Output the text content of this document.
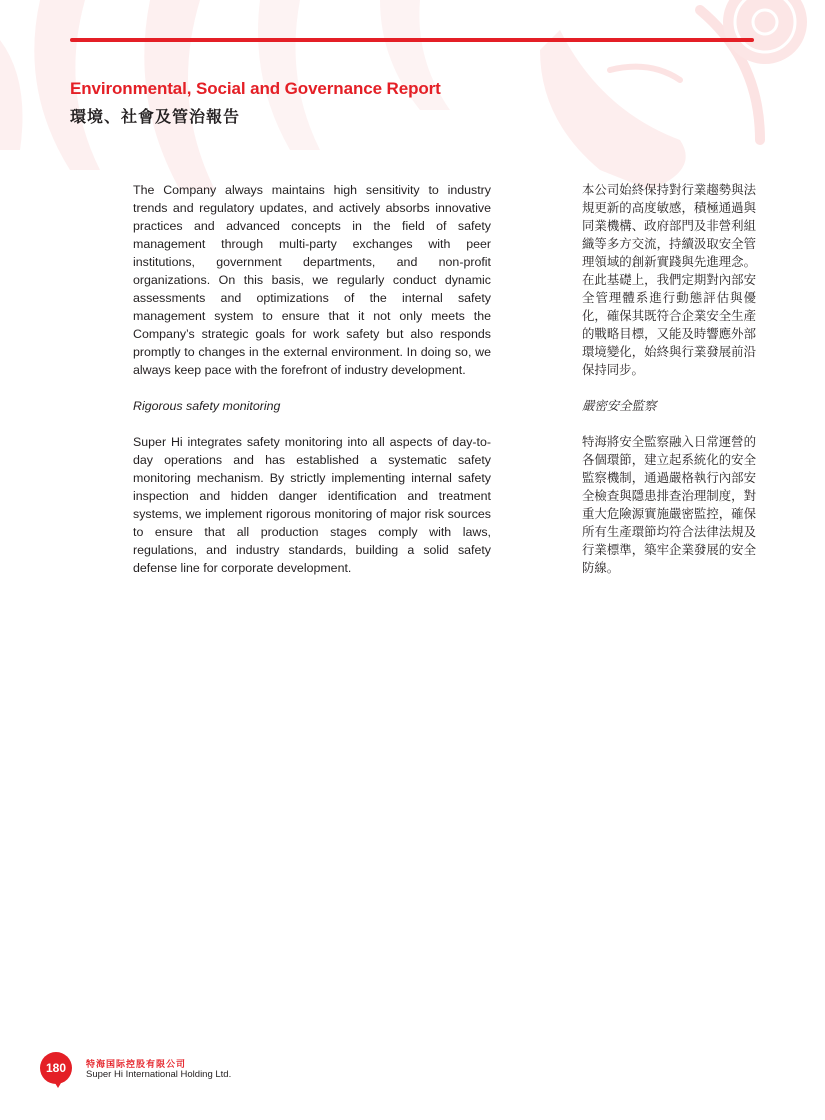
Environmental, Social and Governance Report
環境、社會及管治報告

The Company always maintains high sensitivity to industry trends and regulatory updates, and actively absorbs innovative practices and advanced concepts in the field of safety management through multi-party exchanges with peer institutions, government departments, and non-profit organizations. On this basis, we regularly conduct dynamic assessments and optimizations of the internal safety management system to ensure that it not only meets the Company’s strategic goals for work safety but also responds promptly to changes in the external environment. In doing so, we always keep pace with the forefront of industry development.

Rigorous safety monitoring

Super Hi integrates safety monitoring into all aspects of day-to-day operations and has established a systematic safety monitoring mechanism. By strictly implementing internal safety inspection and hidden danger identification and treatment systems, we implement rigorous monitoring of major risk sources to ensure that all production stages comply with laws, regulations, and industry standards, building a solid safety defense line for corporate development.

本公司始終保持對行業趨勢與法規更新的高度敏感，積極通過與同業機構、政府部門及非營利組織等多方交流，持續汲取安全管理領域的創新實踐與先進理念。在此基礎上，我們定期對內部安全管理體系進行動態評估與優化，確保其既符合企業安全生產的戰略目標，又能及時響應外部環境變化，始終與行業發展前沿保持同步。

嚴密安全監察

特海將安全監察融入日常運營的各個環節，建立起系統化的安全監察機制，通過嚴格執行內部安全檢查與隱患排查治理制度，對重大危險源實施嚴密監控，確保所有生產環節均符合法律法規及行業標準，築牢企業發展的安全防線。

180	特海国际控股有限公司
Super Hi International Holding Ltd.
